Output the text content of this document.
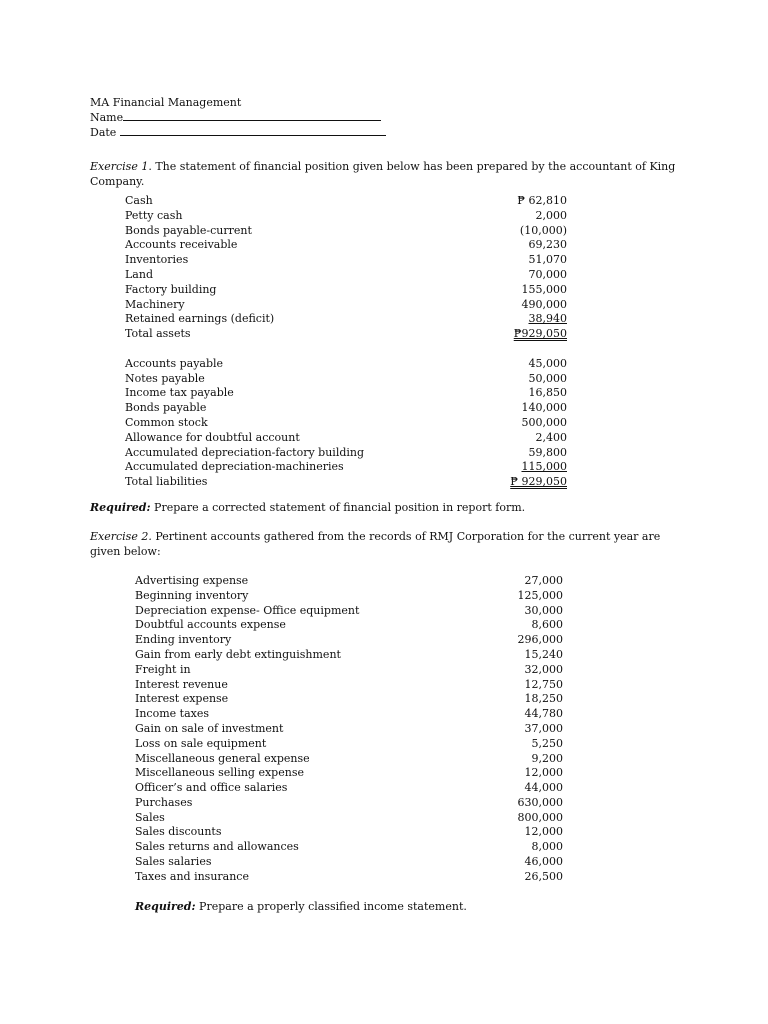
MA Financial Management
Name
Date
Exercise 1. The statement of financial position given below has been prepared by the accountant of King Company.
Cash	₱ 62,810
Petty cash	2,000
Bonds payable-current	(10,000)
Accounts receivable	69,230
Inventories	51,070
Land	70,000
Factory building	155,000
Machinery	490,000
Retained earnings (deficit)	38,940
Total assets	₱929,050
Accounts payable	45,000
Notes payable	50,000
Income tax payable	16,850
Bonds payable	140,000
Common stock	500,000
Allowance for doubtful account	2,400
Accumulated depreciation-factory building	59,800
Accumulated depreciation-machineries	115,000
Total liabilities	₱ 929,050
Required: Prepare a corrected statement of financial position in report form.
Exercise 2. Pertinent accounts gathered from the records of RMJ Corporation for the current year are given below:
Advertising expense	27,000
Beginning inventory	125,000
Depreciation expense- Office equipment	30,000
Doubtful accounts expense	8,600
Ending inventory	296,000
Gain from early debt extinguishment	15,240
Freight in	32,000
Interest revenue	12,750
Interest expense	18,250
Income taxes	44,780
Gain on sale of investment	37,000
Loss on sale equipment	5,250
Miscellaneous general expense	9,200
Miscellaneous selling expense	12,000
Officer’s and office salaries	44,000
Purchases	630,000
Sales	800,000
Sales discounts	12,000
Sales returns and allowances	8,000
Sales salaries	46,000
Taxes and insurance	26,500
Required: Prepare a properly classified income statement.
